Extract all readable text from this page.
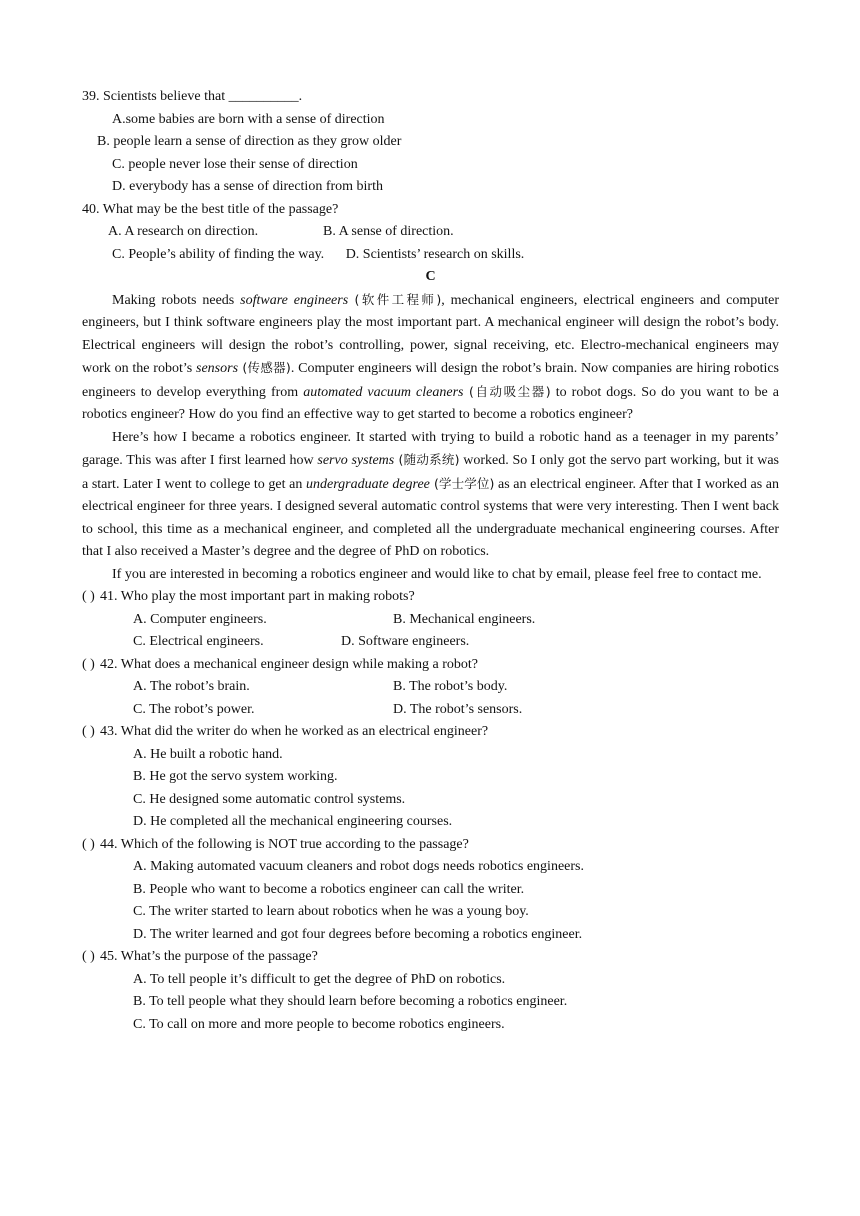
39. Scientists believe that __________.
A.some babies are born with a sense of direction
B. people learn a sense of direction as they grow older
C. people never lose their sense of direction
D. everybody has a sense of direction from birth
40. What may be the best title of the passage?
A. A research on direction.	B. A sense of direction.
C. People’s ability of finding the way. D. Scientists’ research on skills.
C

Making robots needs software engineers (软件工程师), mechanical engineers, electrical engineers and computer engineers, but I think software engineers play the most important part. A mechanical engineer will design the robot’s body. Electrical engineers will design the robot’s controlling, power, signal receiving, etc. Electro-mechanical engineers may work on the robot’s sensors (传感器). Computer engineers will design the robot’s brain. Now companies are hiring robotics engineers to develop everything from automated vacuum cleaners (自动吸尘器) to robot dogs. So do you want to be a robotics engineer? How do you find an effective way to get started to become a robotics engineer?

Here’s how I became a robotics engineer. It started with trying to build a robotic hand as a teenager in my parents’ garage. This was after I first learned how servo systems (随动系统) worked. So I only got the servo part working, but it was a start. Later I went to college to get an undergraduate degree (学士学位) as an electrical engineer. After that I worked as an electrical engineer for three years. I designed several automatic control systems that were very interesting. Then I went back to school, this time as a mechanical engineer, and completed all the undergraduate mechanical engineering courses. After that I also received a Master’s degree and the degree of PhD on robotics.

If you are interested in becoming a robotics engineer and would like to chat by email, please feel free to contact me.

( ) 41. Who play the most important part in making robots?
A. Computer engineers.	B. Mechanical engineers.
C. Electrical engineers.	D. Software engineers.
( ) 42. What does a mechanical engineer design while making a robot?
A. The robot’s brain.	B. The robot’s body.
C. The robot’s power.	D. The robot’s sensors.
( ) 43. What did the writer do when he worked as an electrical engineer?
A. He built a robotic hand.
B. He got the servo system working.
C. He designed some automatic control systems.
D. He completed all the mechanical engineering courses.
( ) 44. Which of the following is NOT true according to the passage?
A. Making automated vacuum cleaners and robot dogs needs robotics engineers.
B. People who want to become a robotics engineer can call the writer.
C. The writer started to learn about robotics when he was a young boy.
D. The writer learned and got four degrees before becoming a robotics engineer.
( ) 45. What’s the purpose of the passage?
A. To tell people it’s difficult to get the degree of PhD on robotics.
B. To tell people what they should learn before becoming a robotics engineer.
C. To call on more and more people to become robotics engineers.
